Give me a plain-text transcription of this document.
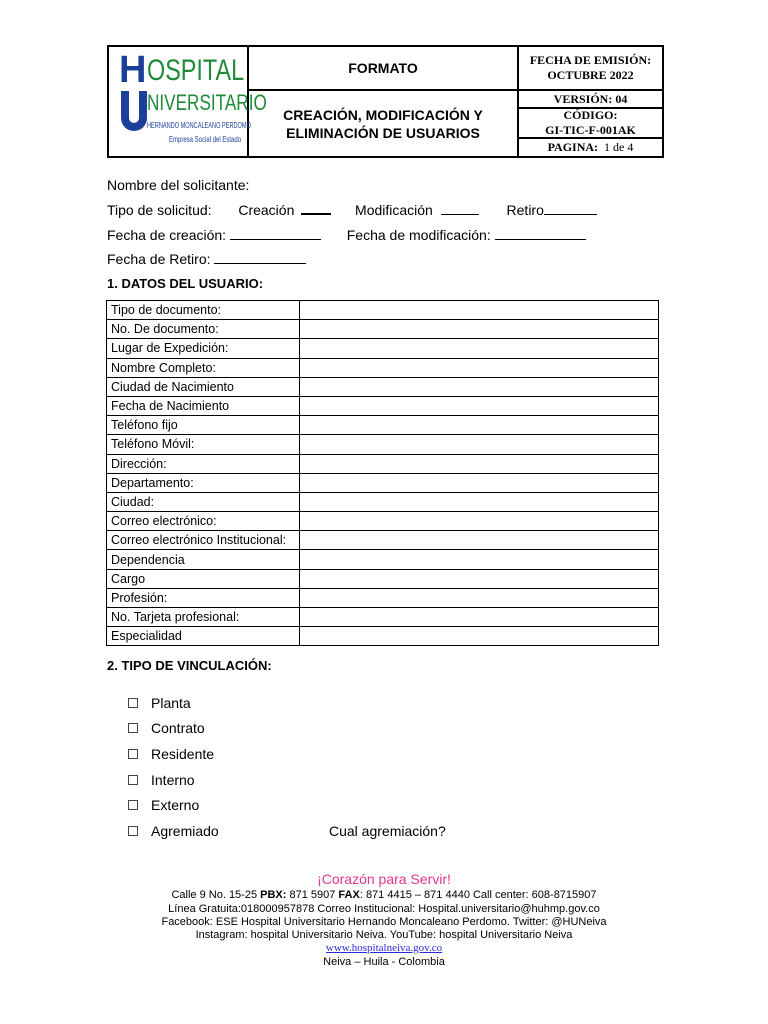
H OSPITAL
NIVERSITARIO
HERNANDO MONCALEANO PERDOMO
Empresa Social del Estado
FORMATO
CREACIÓN, MODIFICACIÓN Y
ELIMINACIÓN DE USUARIOS
FECHA DE EMISIÓN:
OCTUBRE 2022
VERSIÓN: 04
CÓDIGO:
GI-TIC-F-001AK
PAGINA: 1 de 4
Nombre del solicitante:
Tipo de solicitud: Creación	Modificación	Retiro
Fecha de creación:	Fecha de modificación:
Fecha de Retiro:
1. DATOS DEL USUARIO:
Tipo de documento:	
No. De documento:	
Lugar de Expedición:	
Nombre Completo:	
Ciudad de Nacimiento	
Fecha de Nacimiento	
Teléfono fijo	
Teléfono Móvil:	
Dirección:	
Departamento:	
Ciudad:	
Correo electrónico:	
Correo electrónico Institucional:	
Dependencia	
Cargo	
Profesión:	
No. Tarjeta profesional:	
Especialidad	
2. TIPO DE VINCULACIÓN:
Planta
Contrato
Residente
Interno
Externo
Agremiado	Cual agremiación?
¡Corazón para Servir!
Calle 9 No. 15-25 PBX: 871 5907 FAX: 871 4415 – 871 4440 Call center: 608-8715907
Línea Gratuita:018000957878 Correo Institucional: Hospital.universitario@huhmp.gov.co
Facebook: ESE Hospital Universitario Hernando Moncaleano Perdomo. Twitter: @HUNeiva
Instagram: hospital Universitario Neiva. YouTube: hospital Universitario Neiva
www.hospitalneiva.gov.co
Neiva – Huila - Colombia
